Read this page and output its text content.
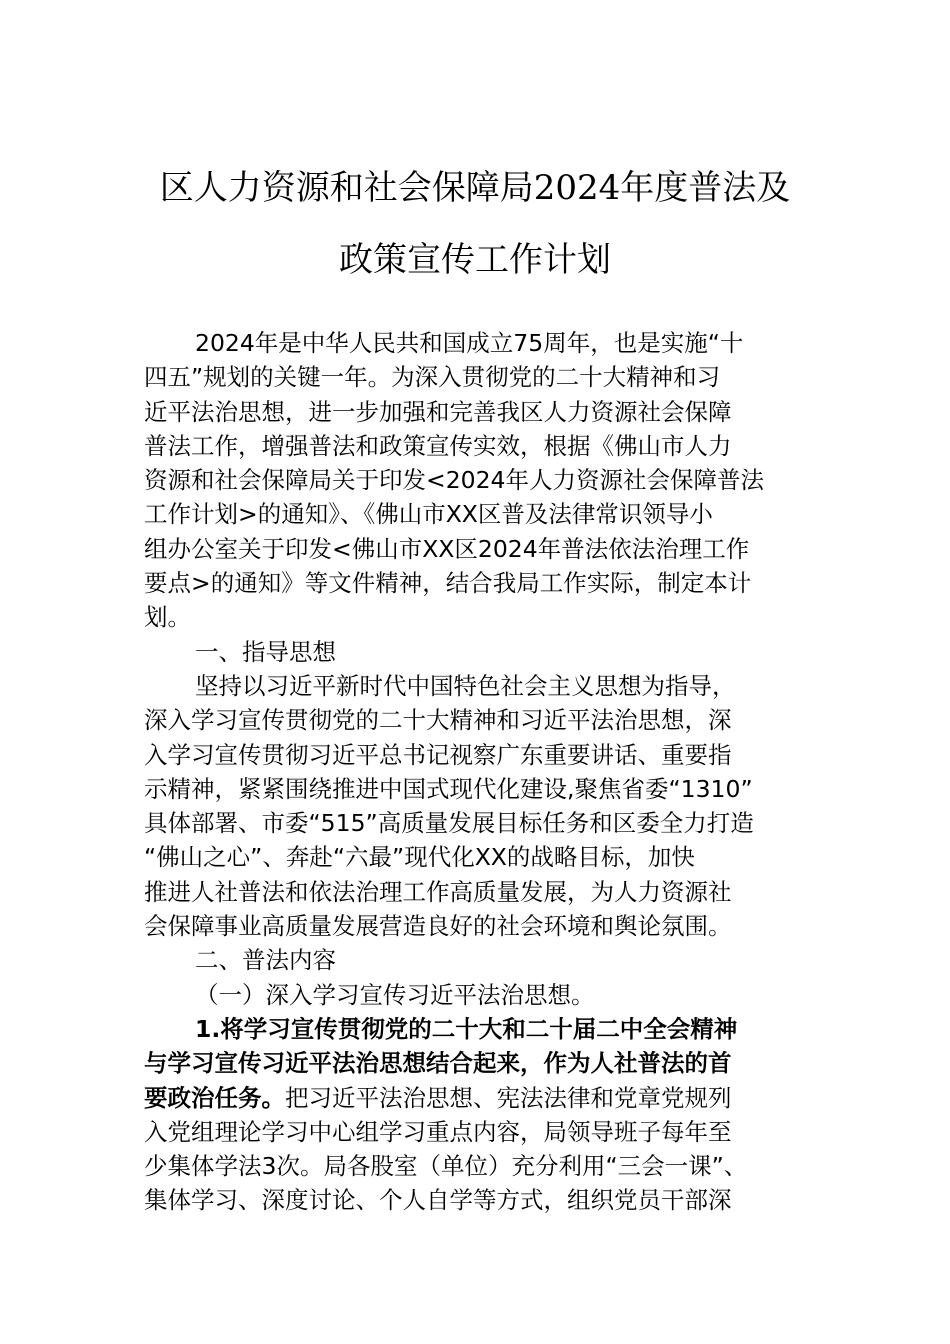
区人力资源和社会保障局2024年度普法及
政策宣传工作计划
2024年是中华人民共和国成立75周年，也是实施“十
四五”规划的关键一年。为深入贯彻党的二十大精神和习
近平法治思想，进一步加强和完善我区人力资源社会保障
普法工作，增强普法和政策宣传实效，根据《佛山市人力
资源和社会保障局关于印发<2024年人力资源社会保障普法
工作计划>的通知》、《佛山市XX区普及法律常识领导小
组办公室关于印发<佛山市XX区2024年普法依法治理工作
要点>的通知》等文件精神，结合我局工作实际，制定本计
划。
一、指导思想
坚持以习近平新时代中国特色社会主义思想为指导，
深入学习宣传贯彻党的二十大精神和习近平法治思想，深
入学习宣传贯彻习近平总书记视察广东重要讲话、重要指
示精神，紧紧围绕推进中国式现代化建设,聚焦省委“1310”
具体部署、市委“515”高质量发展目标任务和区委全力打造
“佛山之心”、奔赴“六最”现代化XX的战略目标，加快
推进人社普法和依法治理工作高质量发展，为人力资源社
会保障事业高质量发展营造良好的社会环境和舆论氛围。
二、普法内容
（一）深入学习宣传习近平法治思想。
1.将学习宣传贯彻党的二十大和二十届二中全会精神
与学习宣传习近平法治思想结合起来，作为人社普法的首
要政治任务。把习近平法治思想、宪法法律和党章党规列
入党组理论学习中心组学习重点内容，局领导班子每年至
少集体学法3次。局各股室（单位）充分利用“三会一课”、
集体学习、深度讨论、个人自学等方式，组织党员干部深
